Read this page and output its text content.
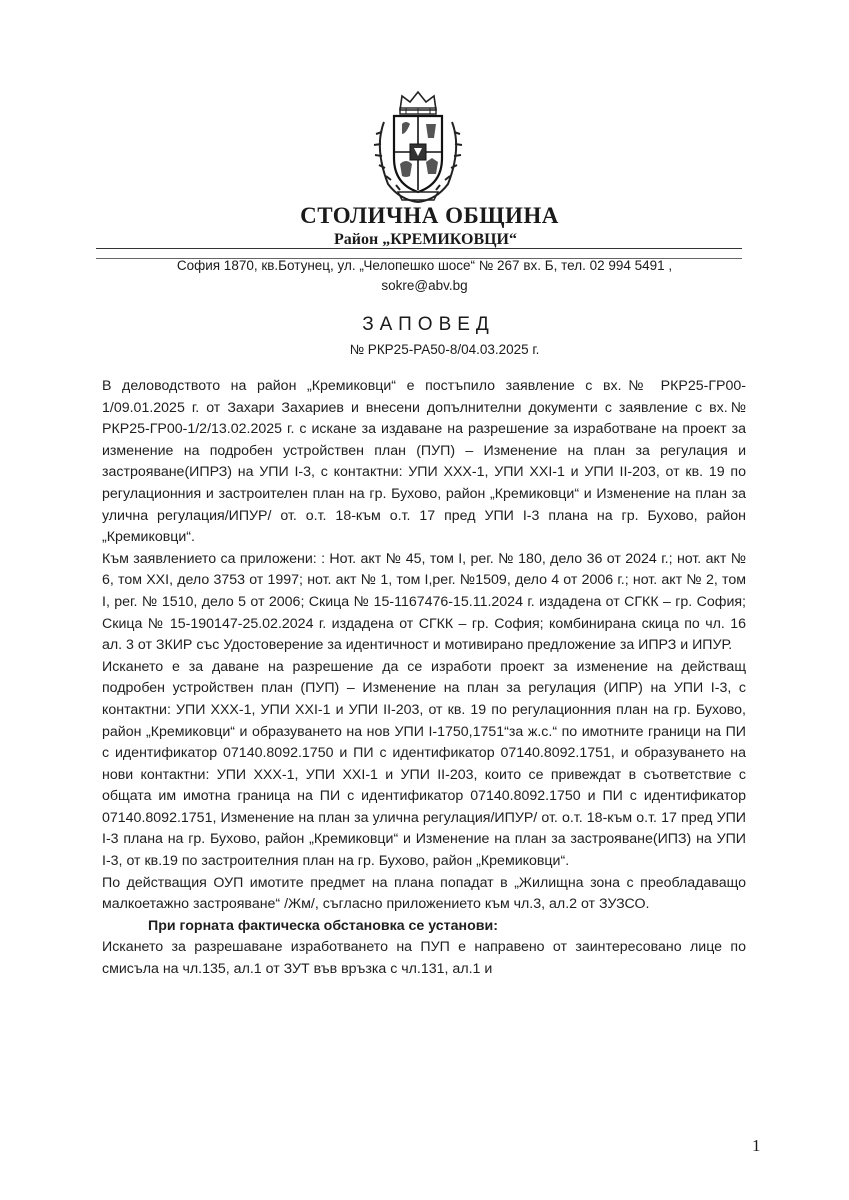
СТОЛИЧНА ОБЩИНА
Район „КРЕМИКОВЦИ“
София 1870, кв.Ботунец, ул. „Челопешко шосе“ № 267 вх. Б, тел. 02 994 5491 ,
sokre@abv.bg
ЗАПОВЕД
№ РКР25-РА50-8/04.03.2025 г.

В деловодството на район „Кремиковци“ е постъпило заявление с вх.№ РКР25-ГР00-1/09.01.2025 г. от Захари Захариев и внесени допълнителни документи с заявление с вх.№ РКР25-ГР00-1/2/13.02.2025 г. с искане за издаване на разрешение за изработване на проект за изменение на подробен устройствен план (ПУП) – Изменение на план за регулация и застрояване(ИПРЗ) на УПИ I-3, с контактни: УПИ XXX-1, УПИ XXI-1 и УПИ II-203, от кв. 19 по регулационния и застроителен план на гр. Бухово, район „Кремиковци“ и Изменение на план за улична регулация/ИПУР/ от. о.т. 18-към о.т. 17 пред УПИ I-3 плана на гр. Бухово, район „Кремиковци“.

Към заявлението са приложени: : Нот. акт № 45, том I, рег. № 180, дело 36 от 2024 г.; нот. акт № 6, том XXI, дело 3753 от 1997; нот. акт № 1, том I,рег. №1509, дело 4 от 2006 г.; нот. акт № 2, том I, рег. № 1510, дело 5 от 2006; Скица № 15-1167476-15.11.2024 г. издадена от СГКК – гр. София; Скица № 15-190147-25.02.2024 г. издадена от СГКК – гр. София; комбинирана скица по чл. 16 ал. 3 от ЗКИР със Удостоверение за идентичност и мотивирано предложение за ИПРЗ и ИПУР.

Искането е за даване на разрешение да се изработи проект за изменение на действащ подробен устройствен план (ПУП) – Изменение на план за регулация (ИПР) на УПИ I-3, с контактни: УПИ XXX-1, УПИ XXI-1 и УПИ II-203, от кв. 19 по регулационния план на гр. Бухово, район „Кремиковци“ и образуването на нов УПИ I-1750,1751“за ж.с.“ по имотните граници на ПИ с идентификатор 07140.8092.1750 и ПИ с идентификатор 07140.8092.1751, и образуването на нови контактни: УПИ XXX-1, УПИ XXI-1 и УПИ II-203, които се привеждат в съответствие с общата им имотна граница на ПИ с идентификатор 07140.8092.1750 и ПИ с идентификатор 07140.8092.1751, Изменение на план за улична регулация/ИПУР/ от. о.т. 18-към о.т. 17 пред УПИ I-3 плана на гр. Бухово, район „Кремиковци“ и Изменение на план за застрояване(ИПЗ) на УПИ I-3, от кв.19 по застроителния план на гр. Бухово, район „Кремиковци“.

По действащия ОУП имотите предмет на плана попадат в „Жилищна зона с преобладаващо малкоетажно застрояване“ /Жм/, съгласно приложението към чл.3, ал.2 от ЗУЗСО.

При горната фактическа обстановка се установи:

Искането за разрешаване изработването на ПУП е направено от заинтересовано лице по смисъла на чл.135, ал.1 от ЗУТ във връзка с чл.131, ал.1 и

1
